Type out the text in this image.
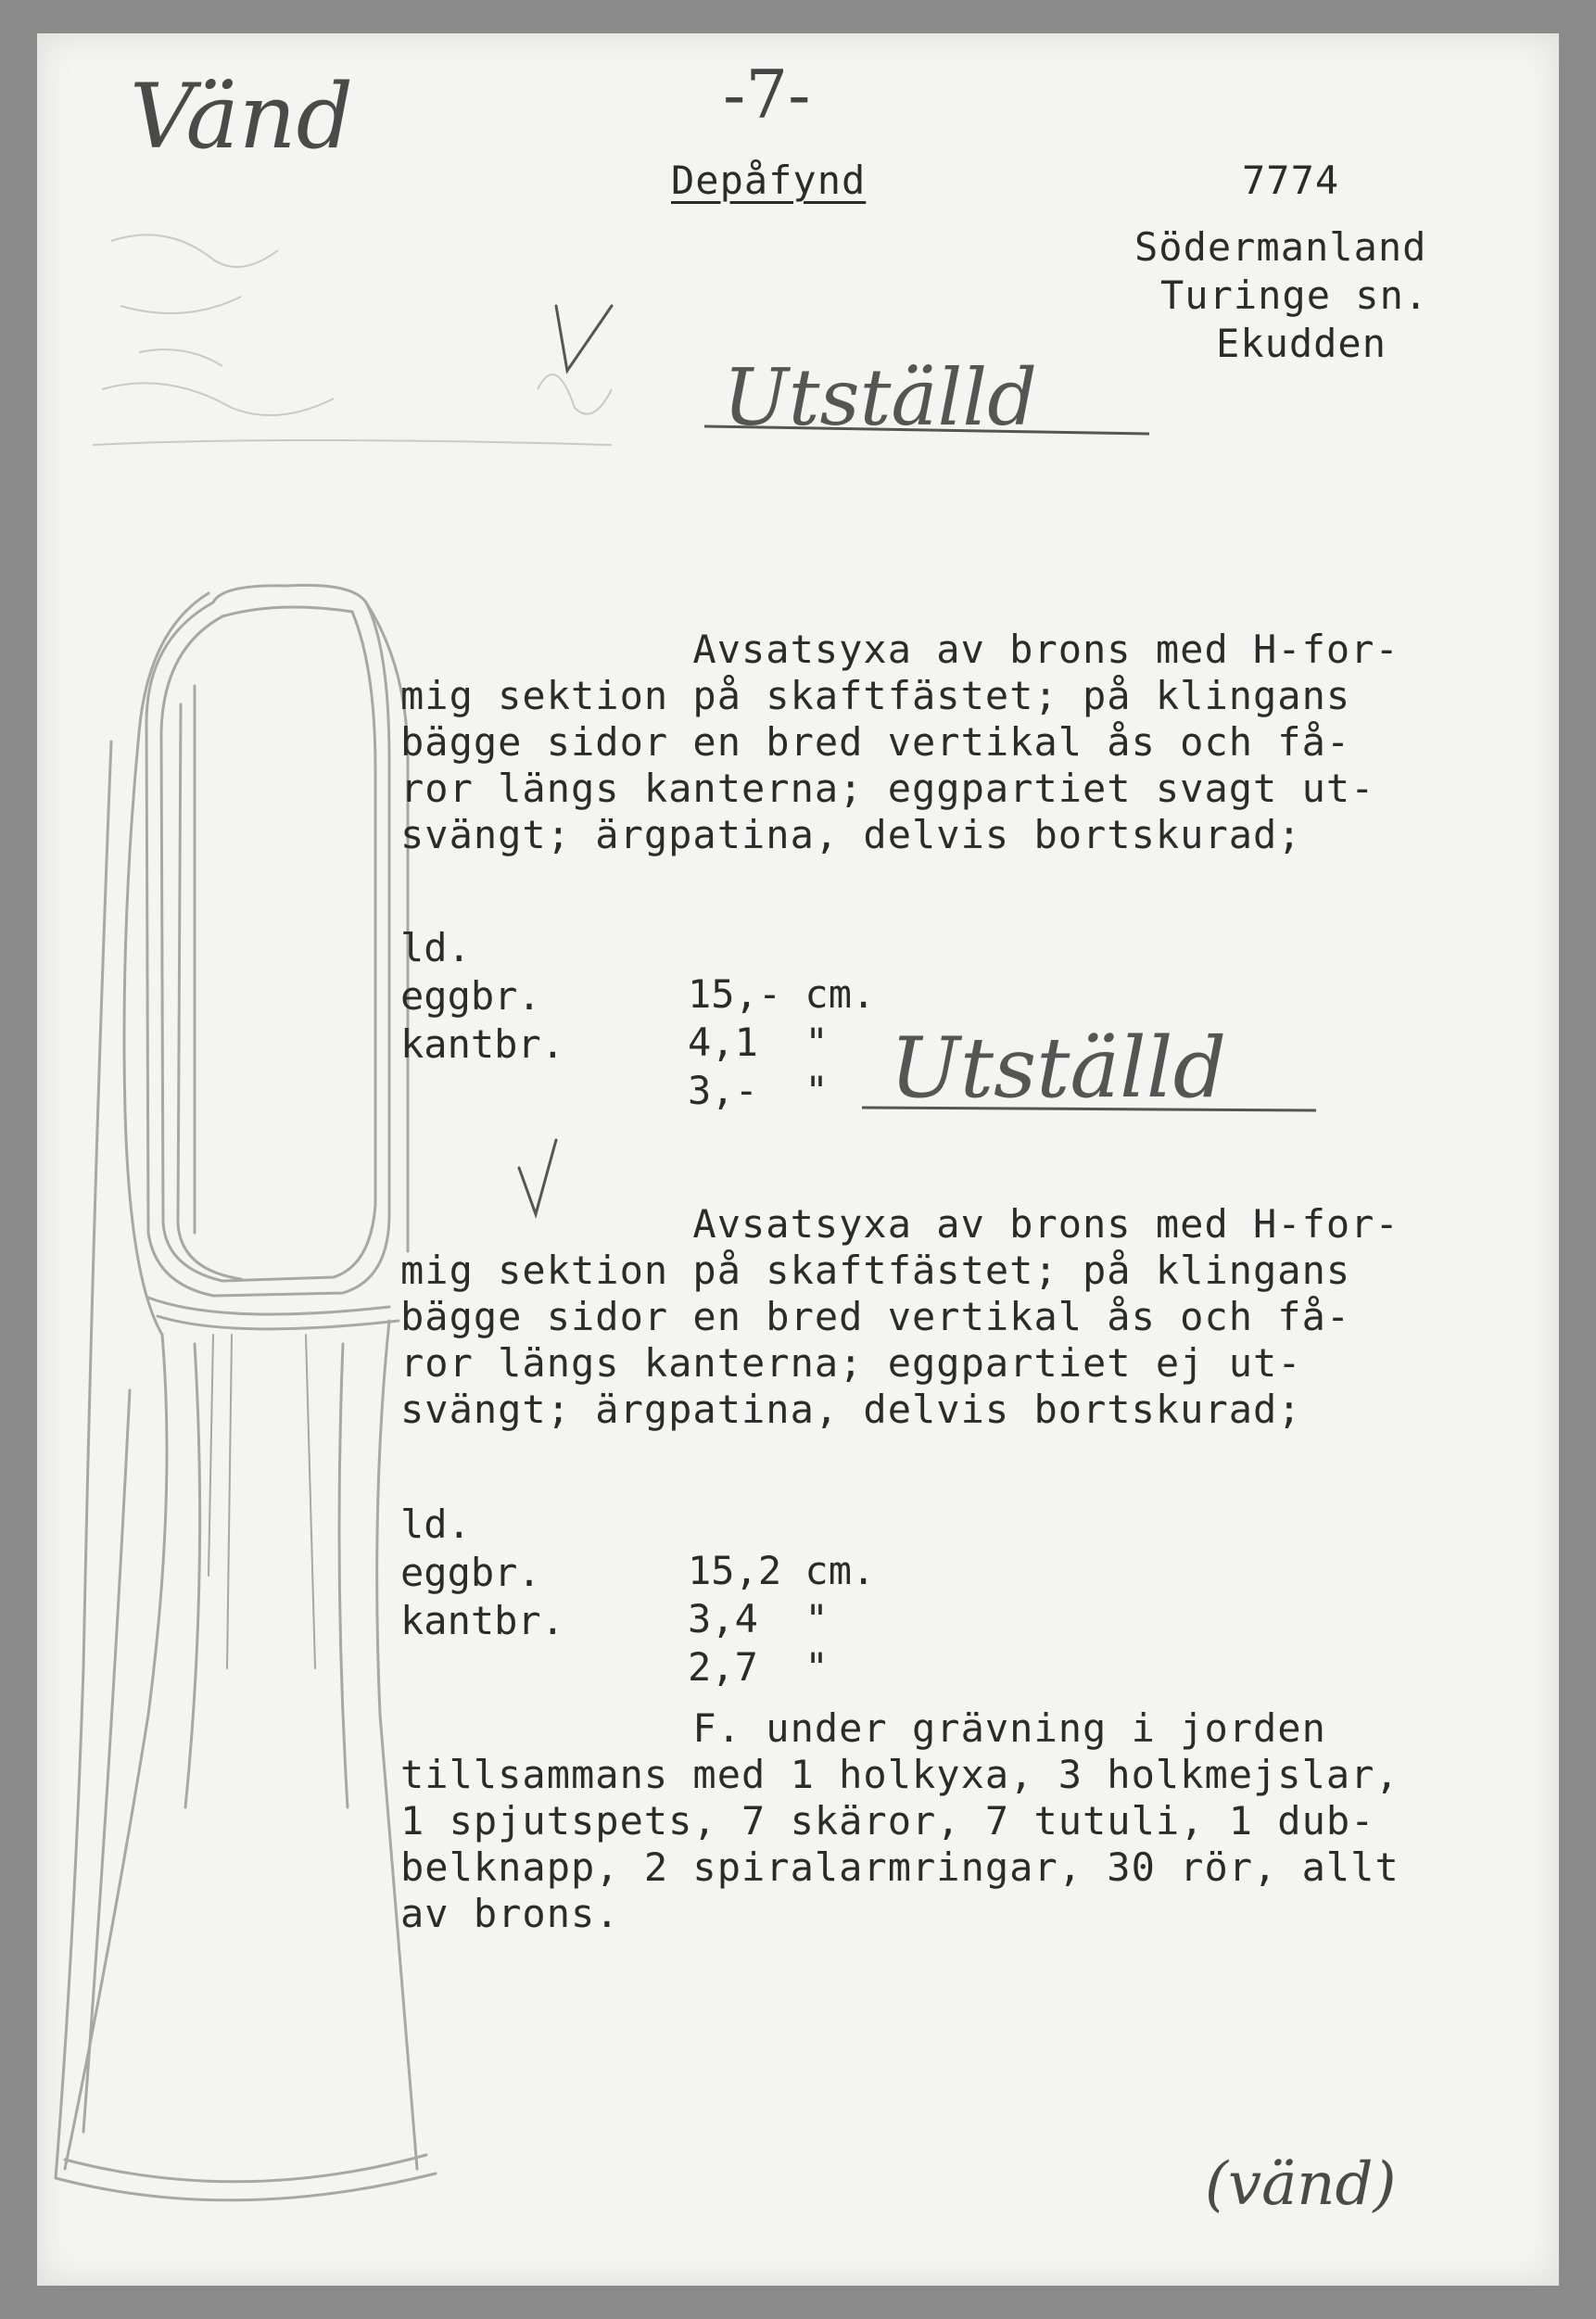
Vänd	-7-
Utställd
Utställd
(vänd)
Depåfynd	7774
Södermanland
Turinge sn.
Ekudden
Avsatsyxa av brons med H-for-
mig sektion på skaftfästet; på klingans
bägge sidor en bred vertikal ås och få-
ror längs kanterna; eggpartiet svagt ut-
svängt; ärgpatina, delvis bortskurad;

ld.

15,- cm.

eggbr.

4,1  "

kantbr.

3,-  "

Avsatsyxa av brons med H-for-
mig sektion på skaftfästet; på klingans
bägge sidor en bred vertikal ås och få-
ror längs kanterna; eggpartiet ej ut-
svängt; ärgpatina, delvis bortskurad;

ld.

15,2 cm.

eggbr.

3,4  "

kantbr.

2,7  "

F. under grävning i jorden
tillsammans med 1 holkyxa, 3 holkmejslar,
1 spjutspets, 7 skäror, 7 tutuli, 1 dub-
belknapp, 2 spiralarmringar, 30 rör, allt
av brons.
